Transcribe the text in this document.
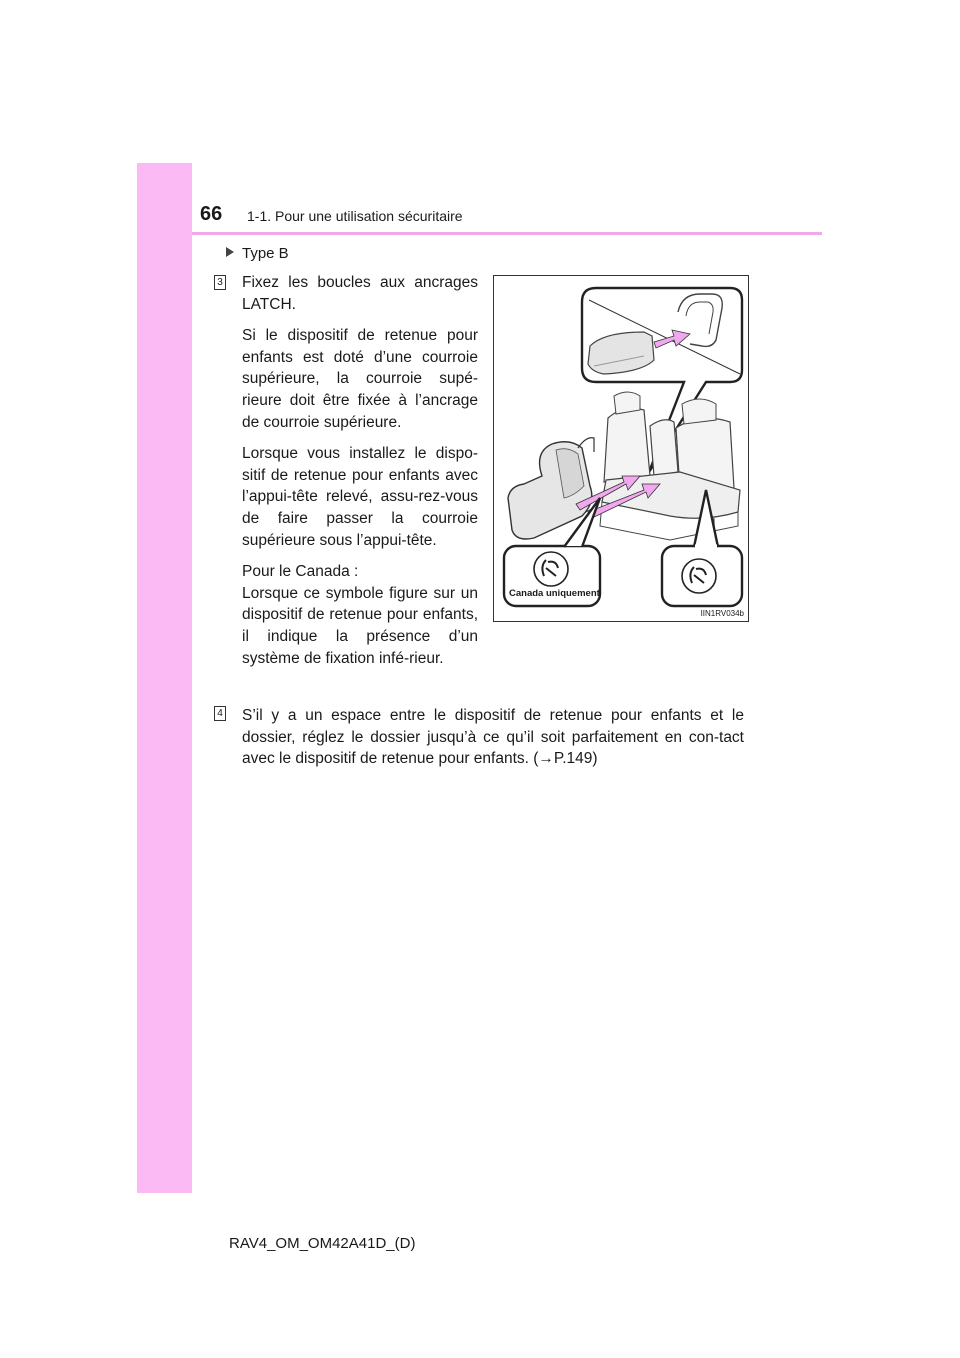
66 1-1. Pour une utilisation sécuritaire
Type B
3 Fixez les boucles aux ancrages LATCH.

Si le dispositif de retenue pour enfants est doté d’une courroie supérieure, la courroie supé-rieure doit être fixée à l’ancrage de courroie supérieure.

Lorsque vous installez le dispo-sitif de retenue pour enfants avec l’appui-tête relevé, assu-rez-vous de faire passer la courroie supérieure sous l’appui-tête.

Pour le Canada :

Lorsque ce symbole figure sur un dispositif de retenue pour enfants, il indique la présence d’un système de fixation infé-rieur.

Canada uniquement
IIN1RV034b
4 S’il y a un espace entre le dispositif de retenue pour enfants et le dossier, réglez le dossier jusqu’à ce qu’il soit parfaitement en con-tact avec le dispositif de retenue pour enfants. (→P.149)

RAV4_OM_OM42A41D_(D)
